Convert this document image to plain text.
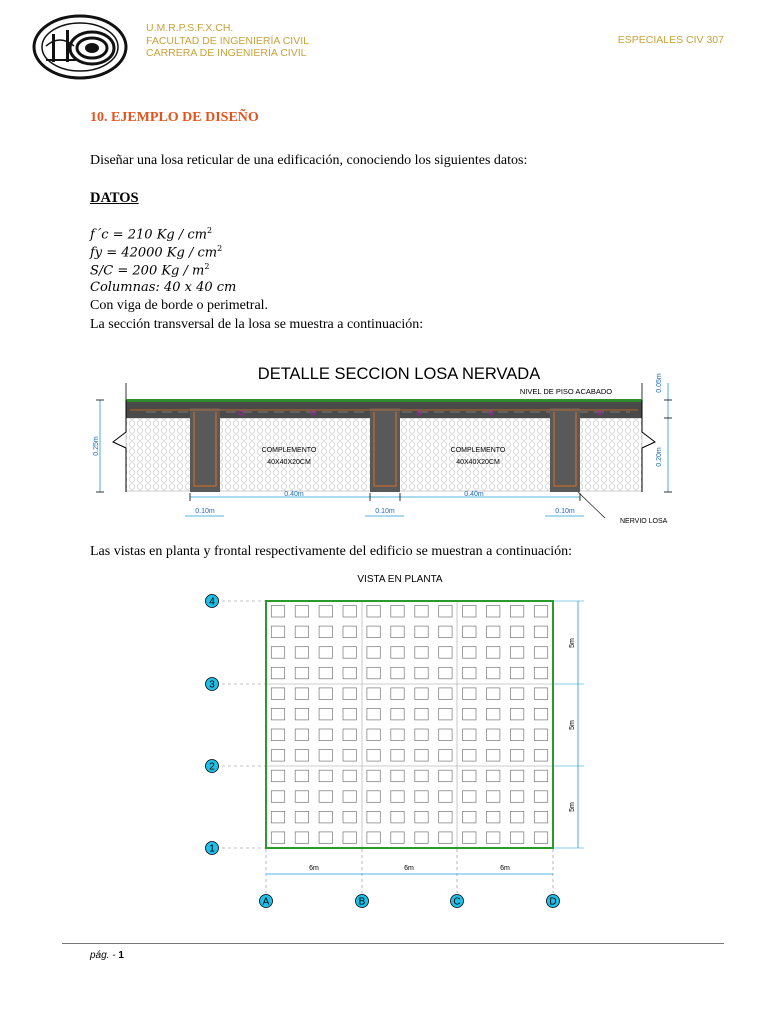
U.M.R.P.S.F.X.CH.
FACULTAD DE INGENIERÍA CIVIL
CARRERA DE INGENIERÍA CIVIL
ESPECIALES CIV 307
10. EJEMPLO DE DISEÑO
Diseñar una losa reticular de una edificación, conociendo los siguientes datos:
DATOS
f´c = 210 Kg / $cm^2$
fy = 42000 Kg / $cm^2$
S/C = 200 Kg / $m^2$
Columnas: 40 x 40 cm
Con viga de borde o perimetral.
La sección transversal de la losa se muestra a continuación:
DETALLE SECCION LOSA NERVADA
NIVEL DE PISO ACABADO
COMPLEMENTO
40X40X20CM
COMPLEMENTO
40X40X20CM
0.25m
0.05m
0.20m
0.40m	0.40m
0.10m	0.10m	0.10m
NERVIO LOSA
Las vistas en planta y frontal respectivamente del edificio se muestran a continuación:
VISTA EN PLANTA
5m
5m
5m
6m	6m	6m
4
3
2
1
A	B	C	D
pág. - 1
